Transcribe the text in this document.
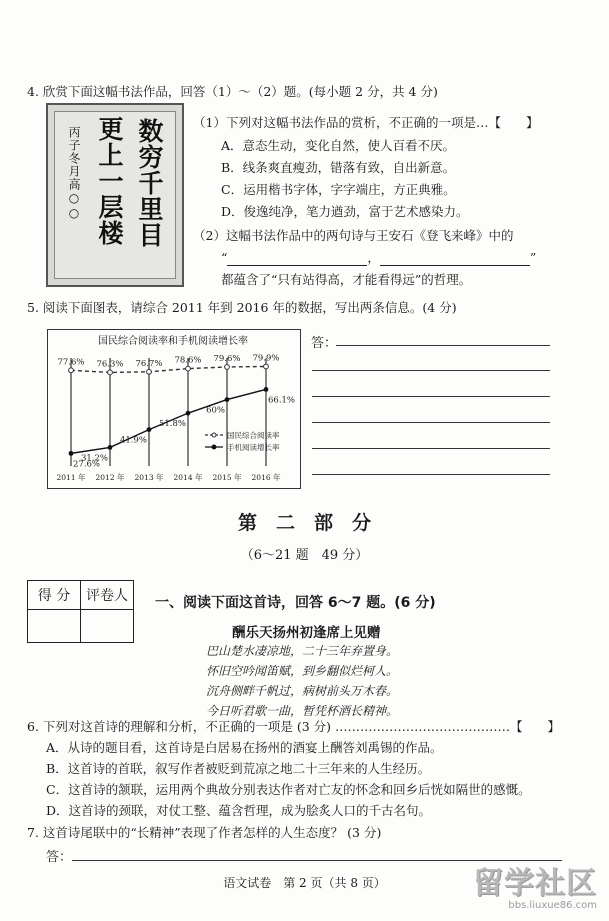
4. 欣赏下面这幅书法作品，回答（1）～（2）题。(每小题 2 分，共 4 分)
数穷千里目
更上一层楼
丙子冬月高○○
（1）下列对这幅书法作品的赏析，不正确的一项是…【　　】
A．意态生动，变化自然，使人百看不厌。
B．线条爽直瘦劲，错落有致，自出新意。
C．运用楷书字体，字字端庄，方正典雅。
D．俊逸纯净，笔力遒劲，富于艺术感染力。
（2）这幅书法作品中的两句诗与王安石《登飞来峰》中的
“	，	”
都蕴含了“只有站得高，才能看得远”的哲理。
5. 阅读下面图表，请综合 2011 年到 2016 年的数据，写出两条信息。(4 分)
国民综合阅读率和手机阅读增长率
2011 年 2012 年 2013 年 2014 年 2015 年 2016 年
77.6% 76.3% 76.7% 78.6% 79.6% 79.9%
27.6%
31.2%
41.9%
51.8%
60%
66.1%
国民综合阅读率
手机阅读增长率
答：
第　二　部　分
（6～21 题　49 分）
得 分	评卷人
	一、阅读下面这首诗，回答 6～7 题。(6 分)
酬乐天扬州初逢席上见赠
巴山楚水凄凉地，二十三年弃置身。
怀旧空吟闻笛赋，到乡翻似烂柯人。
沉舟侧畔千帆过，病树前头万木春。
今日听君歌一曲，暂凭杯酒长精神。
6. 下列对这首诗的理解和分析，不正确的一项是 (3 分) ……………………………………【　　】
A．从诗的题目看，这首诗是白居易在扬州的酒宴上酬答刘禹锡的作品。
B．这首诗的首联，叙写作者被贬到荒凉之地二十三年来的人生经历。
C．这首诗的颔联，运用两个典故分别表达作者对亡友的怀念和回乡后恍如隔世的感慨。
D．这首诗的颈联，对仗工整、蕴含哲理，成为脍炙人口的千古名句。
7. 这首诗尾联中的“长精神”表现了作者怎样的人生态度？ (3 分)
答：
语文试卷　第 2 页（共 8 页）	留学社区
bbs.liuxue86.com
